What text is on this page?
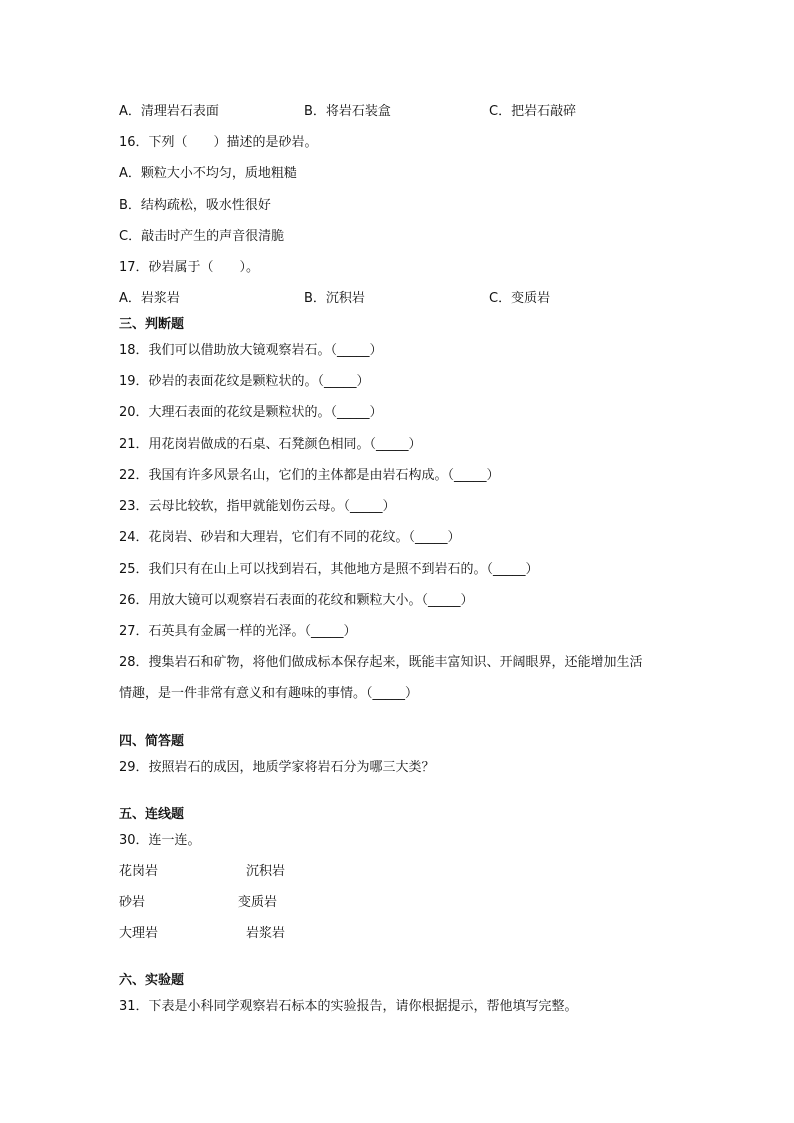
A．清理岩石表面	B．将岩石装盒	C．把岩石敲碎
16．下列（　　）描述的是砂岩。
A．颗粒大小不均匀，质地粗糙
B．结构疏松，吸水性很好
C．敲击时产生的声音很清脆
17．砂岩属于（　　）。
A．岩浆岩	B．沉积岩	C．变质岩
三、判断题
18．我们可以借助放大镜观察岩石。（_____）
19．砂岩的表面花纹是颗粒状的。（_____）
20．大理石表面的花纹是颗粒状的。（_____）
21．用花岗岩做成的石桌、石凳颜色相同。（_____）
22．我国有许多风景名山，它们的主体都是由岩石构成。（_____）
23．云母比较软，指甲就能划伤云母。（_____）
24．花岗岩、砂岩和大理岩，它们有不同的花纹。（_____）
25．我们只有在山上可以找到岩石，其他地方是照不到岩石的。（_____）
26．用放大镜可以观察岩石表面的花纹和颗粒大小。（_____）
27．石英具有金属一样的光泽。（_____）
28．搜集岩石和矿物，将他们做成标本保存起来，既能丰富知识、开阔眼界，还能增加生活
情趣，是一件非常有意义和有趣味的事情。（_____）
四、简答题
29．按照岩石的成因，地质学家将岩石分为哪三大类？
五、连线题
30．连一连。
花岗岩	沉积岩
砂岩	变质岩
大理岩	岩浆岩
六、实验题
31．下表是小科同学观察岩石标本的实验报告，请你根据提示，帮他填写完整。
